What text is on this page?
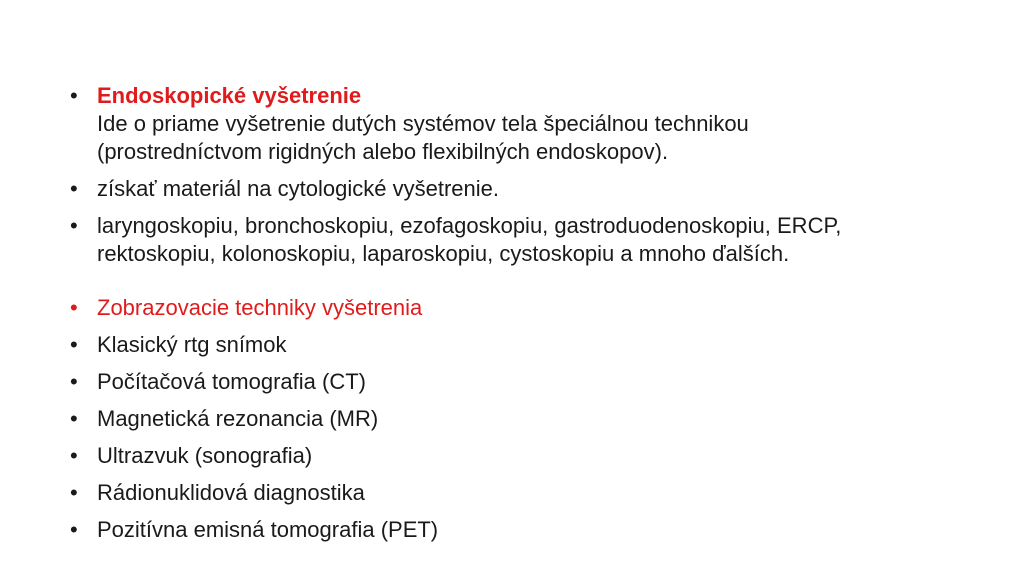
• Endoskopické vyšetrenie
Ide o priame vyšetrenie dutých systémov tela špeciálnou technikou
(prostredníctvom rigidných alebo flexibilných endoskopov).
• získať materiál na cytologické vyšetrenie.
• laryngoskopiu, bronchoskopiu, ezofagoskopiu, gastroduodenoskopiu, ERCP,
rektoskopiu, kolonoskopiu, laparoskopiu, cystoskopiu a mnoho ďalších.
• Zobrazovacie techniky vyšetrenia
• Klasický rtg snímok
• Počítačová tomografia (CT)
• Magnetická rezonancia (MR)
• Ultrazvuk (sonografia)
• Rádionuklidová diagnostika
• Pozitívna emisná tomografia (PET)
